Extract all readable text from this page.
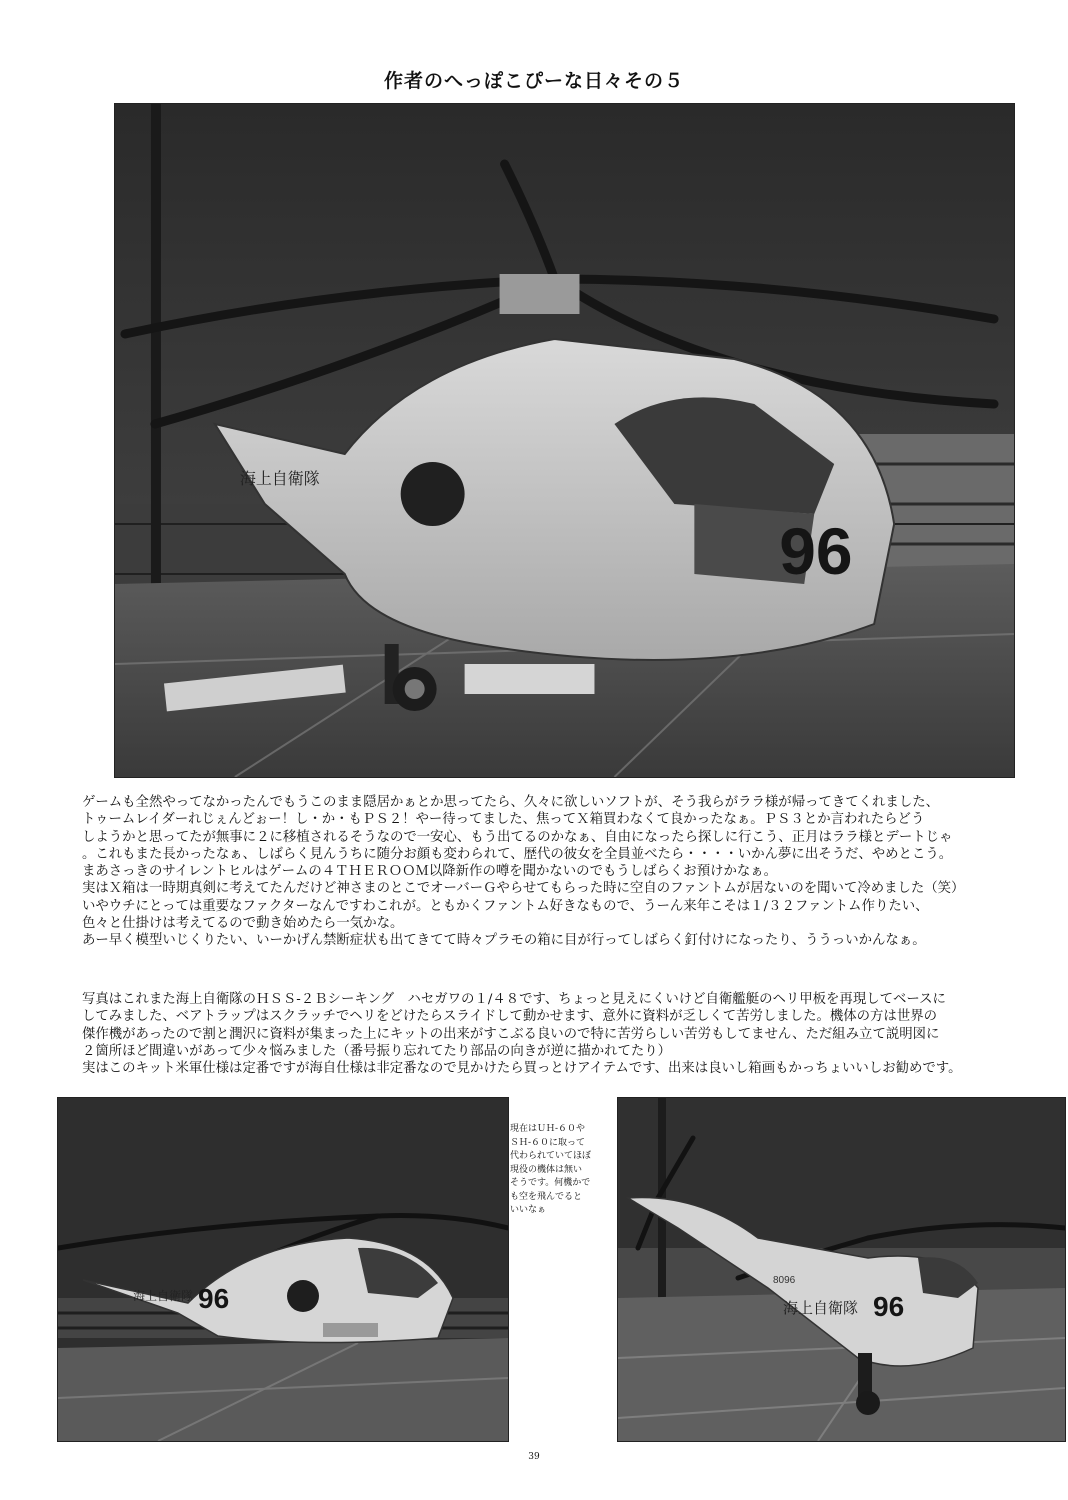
作者のへっぽこぴーな日々その５
海上自衛隊
96
ゲームも全然やってなかったんでもうこのまま隠居かぁとか思ってたら、久々に欲しいソフトが、そう我らがララ様が帰ってきてくれました、
トゥームレイダーれじぇんどぉー！し・か・もＰＳ２！やー待ってました、焦ってＸ箱買わなくて良かったなぁ。ＰＳ３とか言われたらどう
しようかと思ってたが無事に２に移植されるそうなので一安心、もう出てるのかなぁ、自由になったら探しに行こう、正月はララ様とデートじゃ
。これもまた長かったなぁ、しばらく見んうちに随分お顔も変わられて、歴代の彼女を全員並べたら・・・・いかん夢に出そうだ、やめとこう。
まあさっきのサイレントヒルはゲームの４ＴＨＥＲＯＯＭ以降新作の噂を聞かないのでもうしばらくお預けかなぁ。
実はＸ箱は一時期真剣に考えてたんだけど神さまのとこでオーバーＧやらせてもらった時に空自のファントムが居ないのを聞いて冷めました（笑）
いやウチにとっては重要なファクターなんですわこれが。ともかくファントム好きなもので、うーん来年こそは１/３２ファントム作りたい、
色々と仕掛けは考えてるので動き始めたら一気かな。
あー早く模型いじくりたい、いーかげん禁断症状も出てきてて時々プラモの箱に目が行ってしばらく釘付けになったり、ううっいかんなぁ。
写真はこれまた海上自衛隊のＨＳＳ-２Ｂシーキング　ハセガワの１/４８です、ちょっと見えにくいけど自衛艦艇のヘリ甲板を再現してベースに
してみました、ベアトラップはスクラッチでヘリをどけたらスライドして動かせます、意外に資料が乏しくて苦労しました。機体の方は世界の
傑作機があったので割と潤沢に資料が集まった上にキットの出来がすこぶる良いので特に苦労らしい苦労もしてません、ただ組み立て説明図に
２箇所ほど間違いがあって少々悩みました（番号振り忘れてたり部品の向きが逆に描かれてたり）
実はこのキット米軍仕様は定番ですが海自仕様は非定番なので見かけたら買っとけアイテムです、出来は良いし箱画もかっちょいいしお勧めです。
海上自衛隊 96
現在はＵＨ-６０や
ＳＨ-６０に取って
代わられていてほぼ
現役の機体は無い
そうです。何機かで
も空を飛んでると
いいなぁ
海上自衛隊 96
8096
39
